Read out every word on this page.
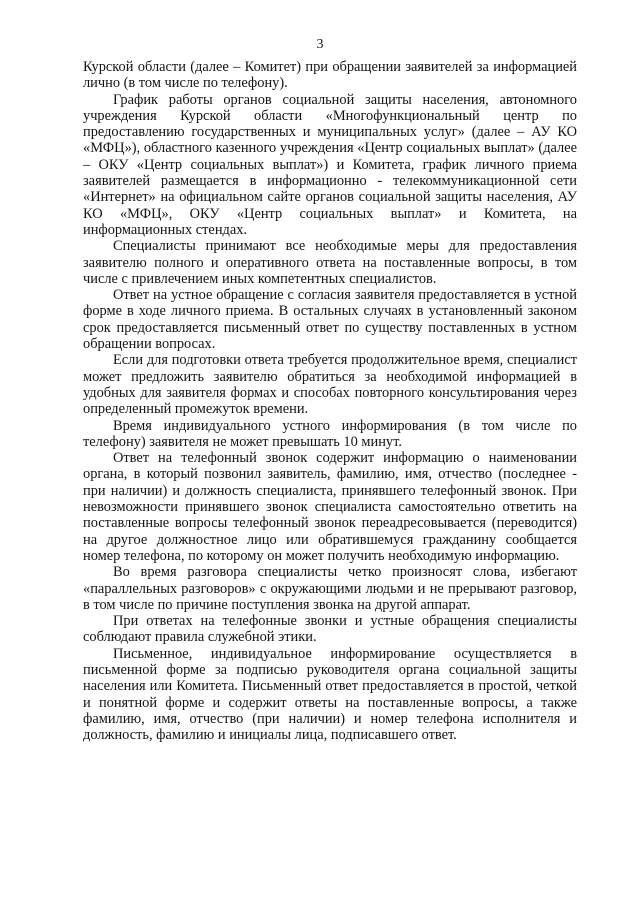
3

Курской области (далее – Комитет) при обращении заявителей за информацией лично (в том числе по телефону).

График работы органов социальной защиты населения, автономного учреждения Курской области «Многофункциональный центр по предоставлению государственных и муниципальных услуг» (далее – АУ КО «МФЦ»), областного казенного учреждения «Центр социальных выплат» (далее – ОКУ «Центр социальных выплат») и Комитета, график личного приема заявителей размещается в информационно - телекоммуникационной сети «Интернет» на официальном сайте органов социальной защиты населения, АУ КО «МФЦ», ОКУ «Центр социальных выплат» и Комитета, на информационных стендах.

Специалисты принимают все необходимые меры для предоставления заявителю полного и оперативного ответа на поставленные вопросы, в том числе с привлечением иных компетентных специалистов.

Ответ на устное обращение с согласия заявителя предоставляется в устной форме в ходе личного приема. В остальных случаях в установленный законом срок предоставляется письменный ответ по существу поставленных в устном обращении вопросах.

Если для подготовки ответа требуется продолжительное время, специалист может предложить заявителю обратиться за необходимой информацией в удобных для заявителя формах и способах повторного консультирования через определенный промежуток времени.

Время индивидуального устного информирования (в том числе по телефону) заявителя не может превышать 10 минут.

Ответ на телефонный звонок содержит информацию о наименовании органа, в который позвонил заявитель, фамилию, имя, отчество (последнее - при наличии) и должность специалиста, принявшего телефонный звонок. При невозможности принявшего звонок специалиста самостоятельно ответить на поставленные вопросы телефонный звонок переадресовывается (переводится) на другое должностное лицо или обратившемуся гражданину сообщается номер телефона, по которому он может получить необходимую информацию.

Во время разговора специалисты четко произносят слова, избегают «параллельных разговоров» с окружающими людьми и не прерывают разговор, в том числе по причине поступления звонка на другой аппарат.

При ответах на телефонные звонки и устные обращения специалисты соблюдают правила служебной этики.

Письменное, индивидуальное информирование осуществляется в письменной форме за подписью руководителя органа социальной защиты населения или Комитета. Письменный ответ предоставляется в простой, четкой и понятной форме и содержит ответы на поставленные вопросы, а также фамилию, имя, отчество (при наличии) и номер телефона исполнителя и должность, фамилию и инициалы лица, подписавшего ответ.
